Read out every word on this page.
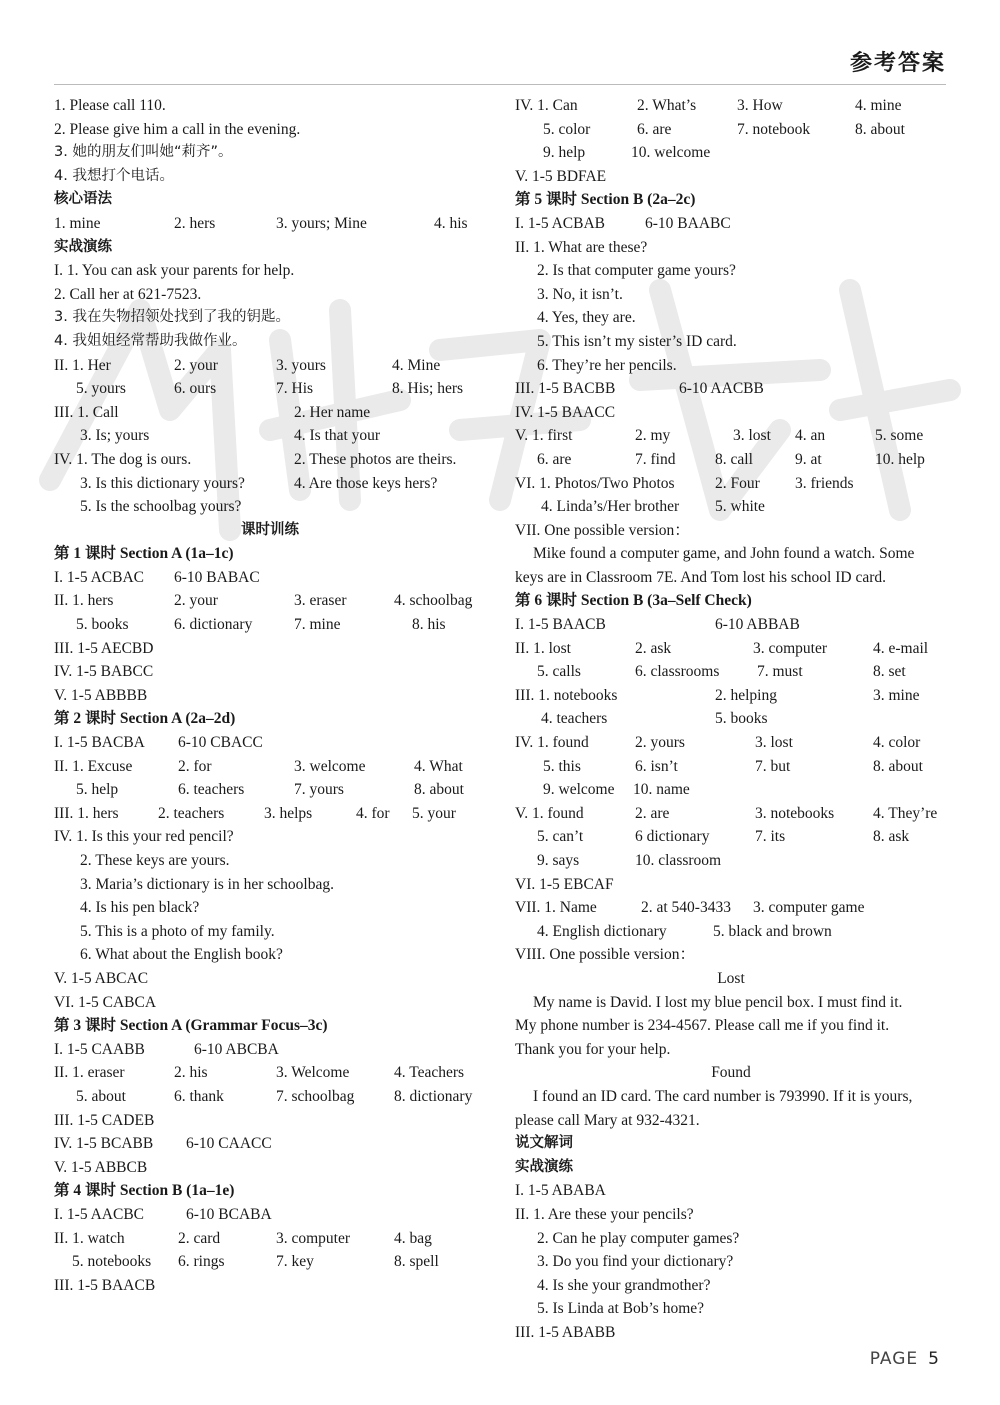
参考答案
1. Please call 110.
2. Please give him a call in the evening.
3. 她的朋友们叫她“莉齐”。
4. 我想打个电话。
核心语法
1. mine	2. hers	3. yours; Mine	4. his
实战演练
I. 1. You can ask your parents for help.
2. Call her at 621-7523.
3. 我在失物招领处找到了我的钥匙。
4. 我姐姐经常帮助我做作业。
II. 1. Her	2. your	3. yours	4. Mine
5. yours	6. ours	7. His	8. His; hers
III. 1. Call	2. Her name
3. Is; yours	4. Is that your
IV. 1. The dog is ours.	2. These photos are theirs.
3. Is this dictionary yours?	4. Are those keys hers?
5. Is the schoolbag yours?
课时训练
第 1 课时 Section A (1a–1c)
I. 1-5 ACBAC 6-10 BABAC
II. 1. hers	2. your	3. eraser	4. schoolbag
5. books	6. dictionary	7. mine	8. his
III. 1-5 AECBD
IV. 1-5 BABCC
V. 1-5 ABBBB
第 2 课时 Section A (2a–2d)
I. 1-5 BACBA 6-10 CBACC
II. 1. Excuse	2. for	3. welcome	4. What
5. help	6. teachers	7. yours	8. about
III. 1. hers	2. teachers	3. helps	4. for 5. your
IV. 1. Is this your red pencil?
2. These keys are yours.
3. Maria’s dictionary is in her schoolbag.
4. Is his pen black?
5. This is a photo of my family.
6. What about the English book?
V. 1-5 ABCAC
VI. 1-5 CABCA
第 3 课时 Section A (Grammar Focus–3c)
I. 1-5 CAABB	6-10 ABCBA
II. 1. eraser	2. his	3. Welcome	4. Teachers
5. about	6. thank	7. schoolbag	8. dictionary
III. 1-5 CADEB
IV. 1-5 BCABB 6-10 CAACC
V. 1-5 ABBCB
第 4 课时 Section B (1a–1e)
I. 1-5 AACBC	6-10 BCABA
II. 1. watch	2. card	3. computer	4. bag
5. notebooks 6. rings	7. key	8. spell
III. 1-5 BAACB
IV. 1. Can	2. What’s	3. How	4. mine
5. color	6. are	7. notebook	8. about
9. help	10. welcome
V. 1-5 BDFAE
第 5 课时 Section B (2a–2c)
I. 1-5 ACBAB	6-10 BAABC
II. 1. What are these?
2. Is that computer game yours?
3. No, it isn’t.
4. Yes, they are.
5. This isn’t my sister’s ID card.
6. They’re her pencils.
III. 1-5 BACBB	6-10 AACBB
IV. 1-5 BAACC
V. 1. first	2. my	3. lost 4. an	5. some
6. are	7. find	8. call	9. at	10. help
VI. 1. Photos/Two Photos	2. Four 3. friends
4. Linda’s/Her brother 5. white
VII. One possible version：
Mike found a computer game, and John found a watch. Some
keys are in Classroom 7E. And Tom lost his school ID card.
第 6 课时 Section B (3a–Self Check)
I. 1-5 BAACB	6-10 ABBAB
II. 1. lost	2. ask	3. computer	4. e-mail
5. calls	6. classrooms 7. must	8. set
III. 1. notebooks	2. helping	3. mine
4. teachers	5. books
IV. 1. found	2. yours	3. lost	4. color
5. this	6. isn’t	7. but	8. about
9. welcome 10. name
V. 1. found	2. are	3. notebooks	4. They’re
5. can’t	6 dictionary	7. its	8. ask
9. says	10. classroom
VI. 1-5 EBCAF
VII. 1. Name	2. at 540-3433 3. computer game
4. English dictionary	5. black and brown
VIII. One possible version：
Lost
My name is David. I lost my blue pencil box. I must find it.
My phone number is 234-4567. Please call me if you find it.
Thank you for your help.
Found
I found an ID card. The card number is 793990. If it is yours,
please call Mary at 932-4321.
说文解词
实战演练
I. 1-5 ABABA
II. 1. Are these your pencils?
2. Can he play computer games?
3. Do you find your dictionary?
4. Is she your grandmother?
5. Is Linda at Bob’s home?
III. 1-5 ABABB
PAGE 5
